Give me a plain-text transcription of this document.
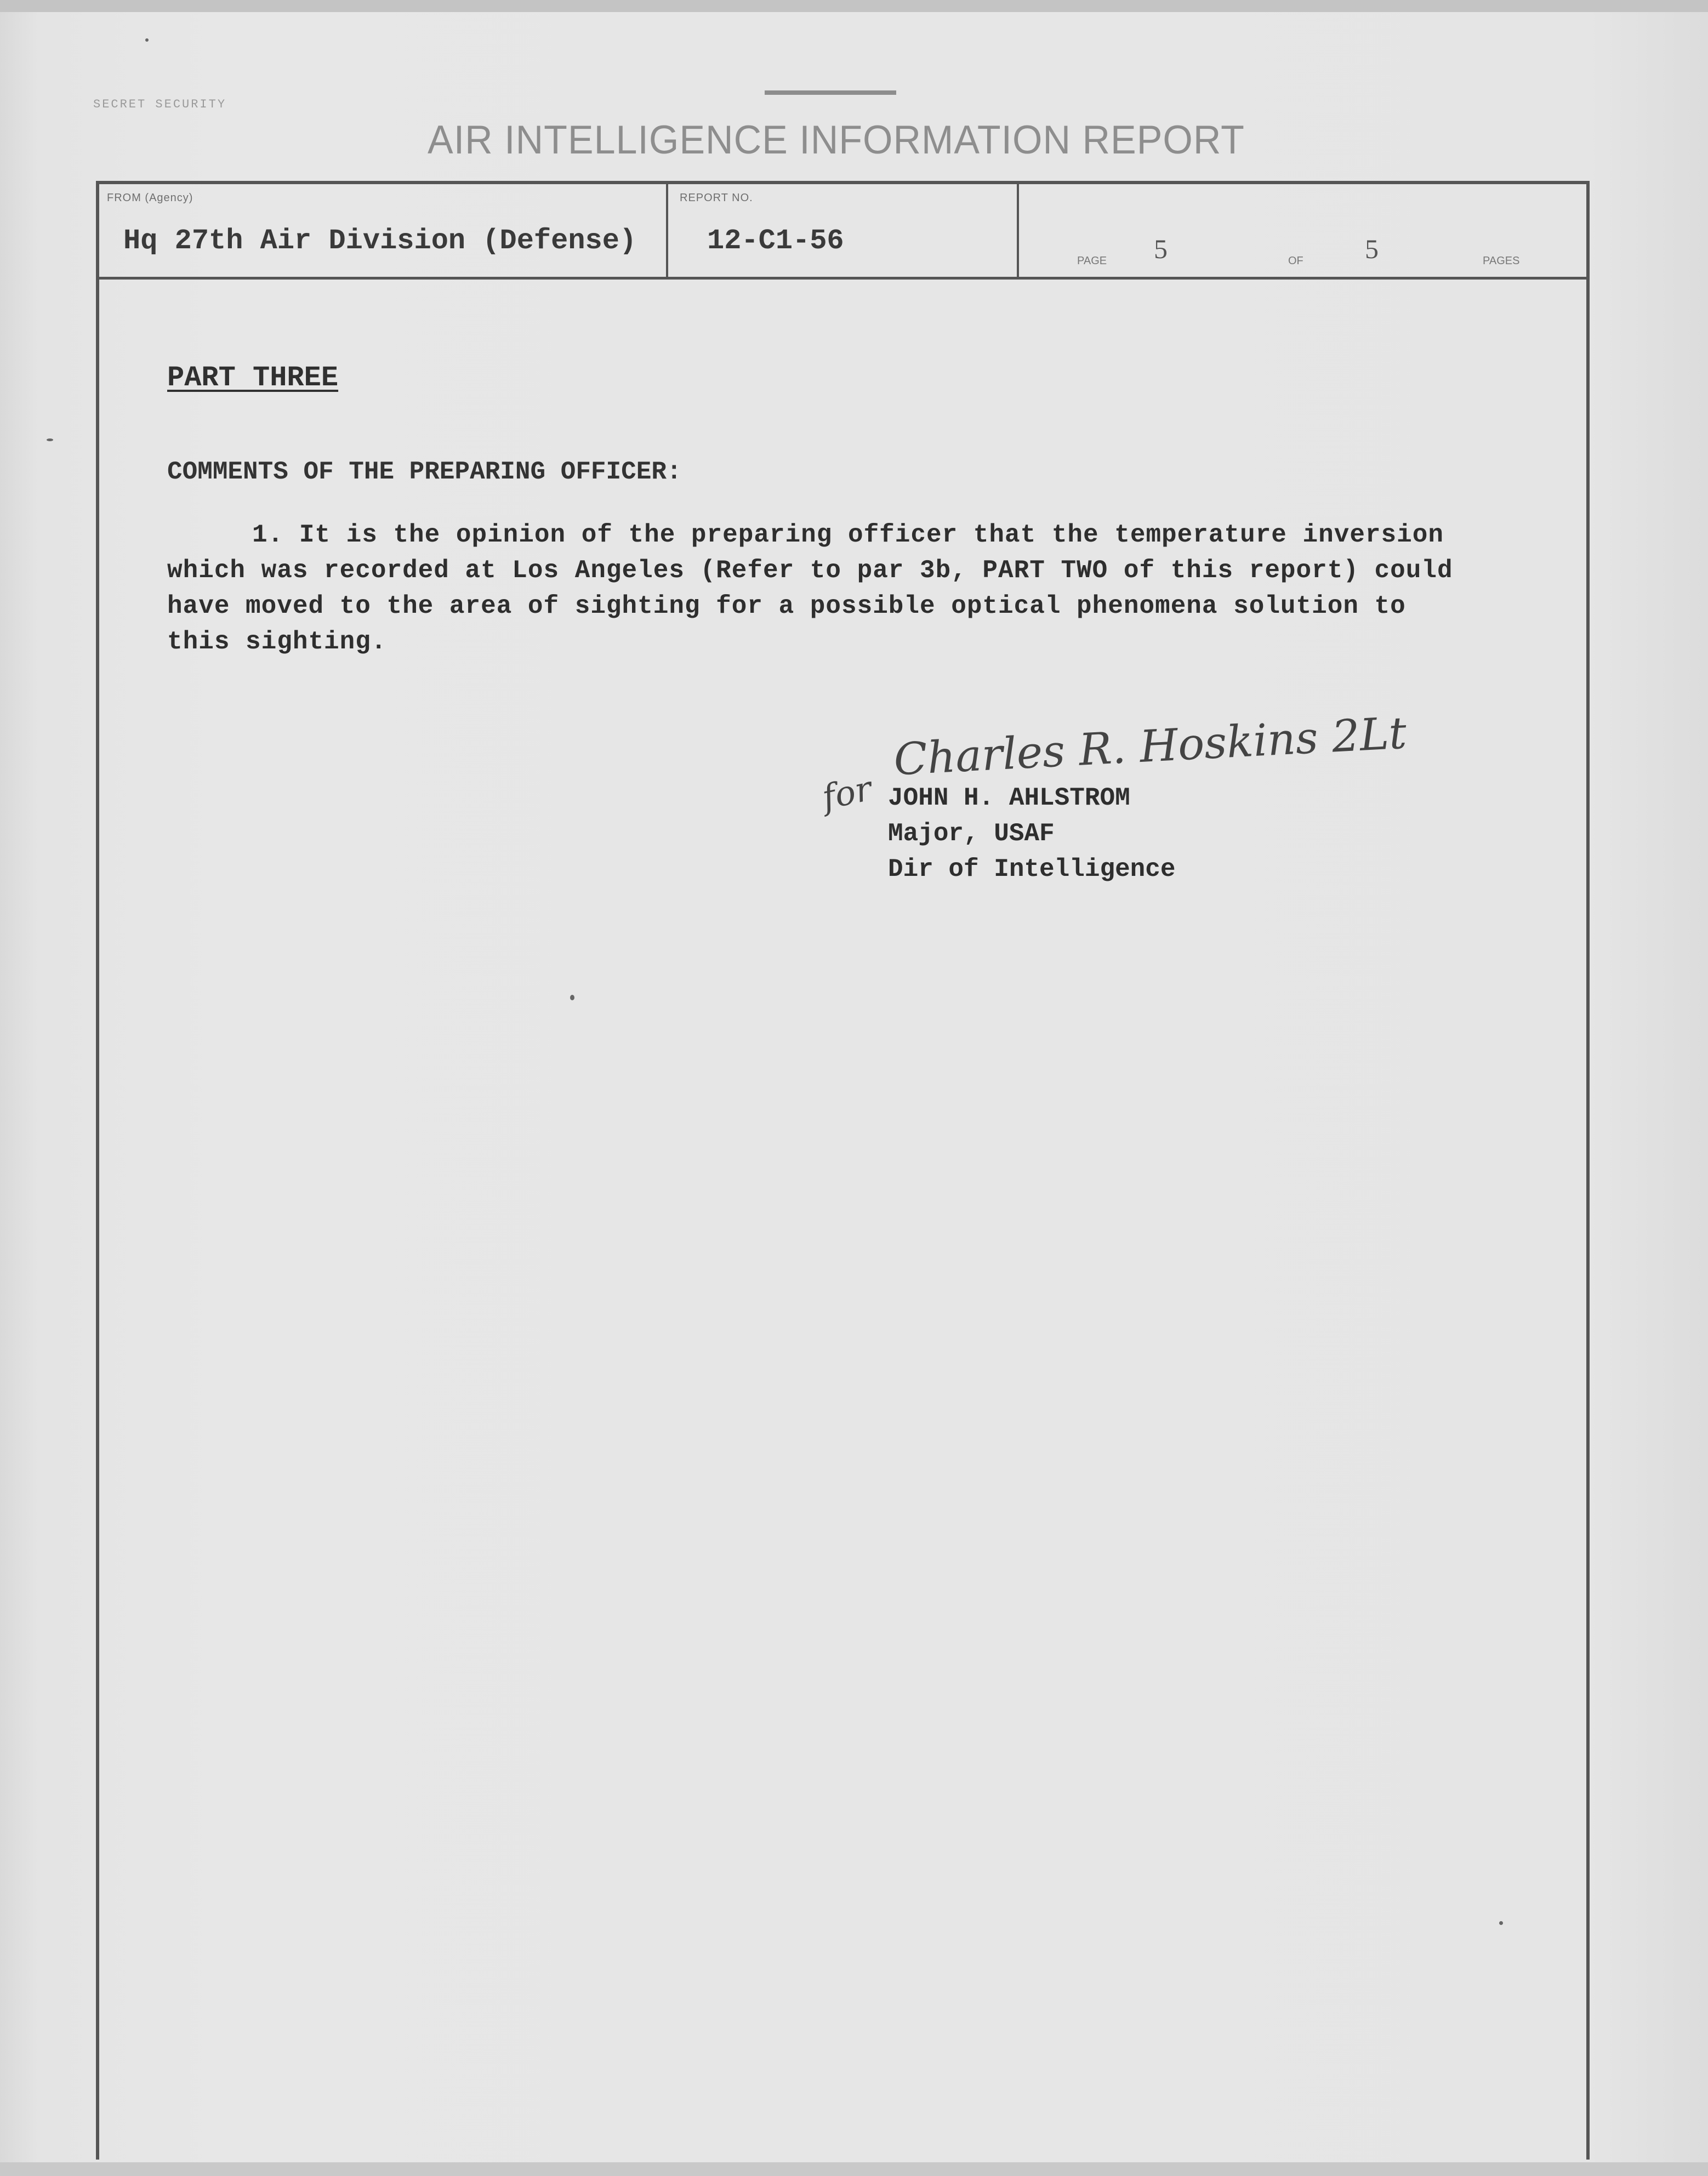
SECRET SECURITY
AIR INTELLIGENCE INFORMATION REPORT
FROM (Agency)
Hq 27th Air Division (Defense)
REPORT NO.
12-C1-56
PAGE 5	OF 5	PAGES
PART THREE
COMMENTS OF THE PREPARING OFFICER:
1. It is the opinion of the preparing officer that the temperature inversion
which was recorded at Los Angeles (Refer to par 3b, PART TWO of this report) could
have moved to the area of sighting for a possible optical phenomena solution to
this sighting.
Charles R. Hoskins 2Lt
for JOHN H. AHLSTROM
Major, USAF
Dir of Intelligence
